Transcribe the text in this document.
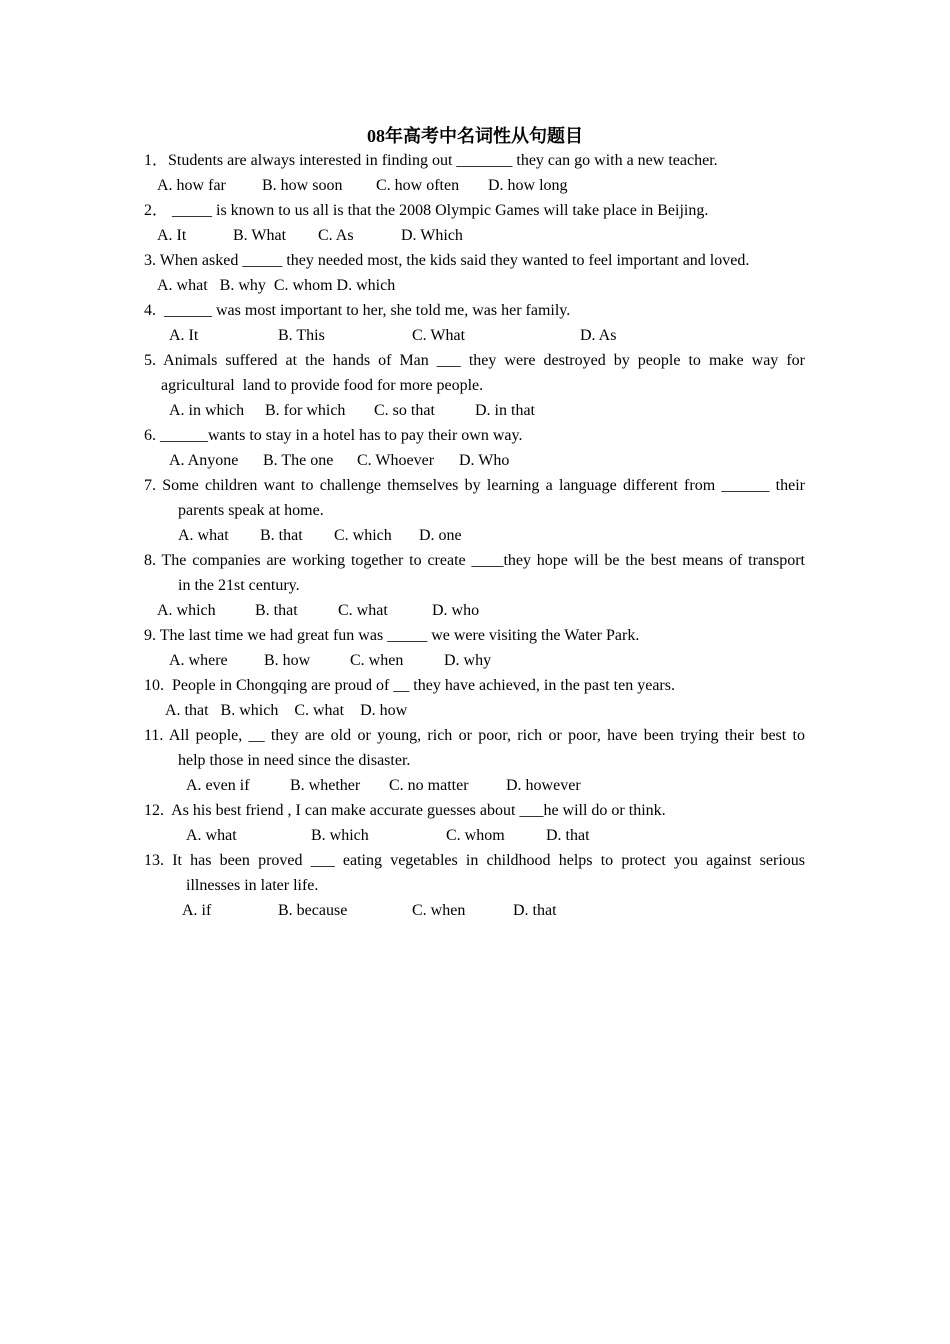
08年高考中名词性从句题目
1．Students are always interested in finding out _______ they can go with a new teacher.
A. how far B. how soon C. how often D. how long
2． _____ is known to us all is that the 2008 Olympic Games will take place in Beijing.
A. It	B. What C. As	D. Which
3. When asked _____ they needed most, the kids said they wanted to feel important and loved.
A. what   B. why  C. whom D. which
4.  ______ was most important to her, she told me, was her family.
A. It	B. This	C. What	D. As
5. Animals suffered at the hands of Man ___ they were destroyed by people to make way for
agricultural  land to provide food for more people.
A. in which B. for which C. so that	D. in that
6. ______wants to stay in a hotel has to pay their own way.
A. Anyone B. The one C. Whoever D. Who
7. Some children want to challenge themselves by learning a language different from ______ their
parents speak at home.
A. what B. that C. which D. one
8. The companies are working together to create ____they hope will be the best means of transport
in the 21st century.
A. which B. that	C. what	D. who
9. The last time we had great fun was _____ we were visiting the Water Park.
A. where B. how C. when	D. why
10.  People in Chongqing are proud of __ they have achieved, in the past ten years.
A. that   B. which    C. what    D. how
11. All people, __ they are old or young, rich or poor, rich or poor, have been trying their best to
help those in need since the disaster.
A. even if	B. whether C. no matter D. however
12.  As his best friend , I can make accurate guesses about ___he will do or think.
A. what	B. which	C. whom	D. that
13. It has been proved ___ eating vegetables in childhood helps to protect you against serious
illnesses in later life.
A. if	B. because	C. when	D. that
